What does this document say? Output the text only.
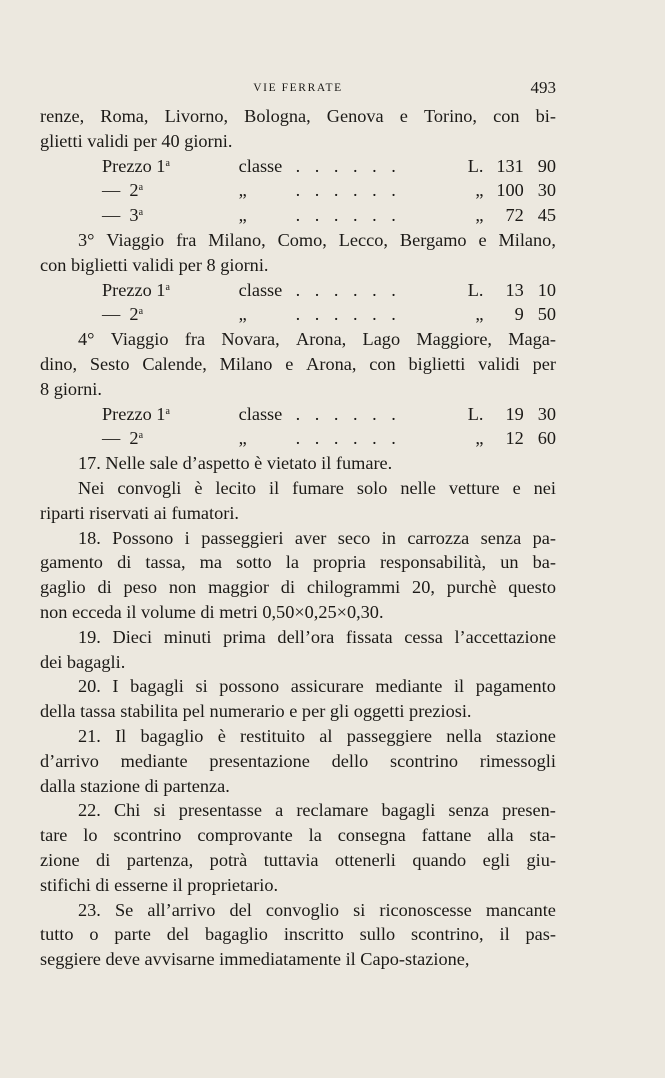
VIE FERRATE	493
renze, Roma, Livorno, Bologna, Genova e Torino, con bi-
glietti validi per 40 giorni.
Prezzo 1$^a$	classe . . . . . .	L. 131 90
—  2$^a$	„	. . . . . .	„ 100 30
—  3$^a$	„	. . . . . .	„	72 45
3° Viaggio fra Milano, Como, Lecco, Bergamo e Milano,
con biglietti validi per 8 giorni.
Prezzo 1$^a$	classe . . . . . .	L.	13 10
—  2$^a$	„	. . . . . .	„	9 50
4° Viaggio fra Novara, Arona, Lago Maggiore, Maga-
dino, Sesto Calende, Milano e Arona, con biglietti validi per
8 giorni.
Prezzo 1$^a$	classe . . . . . .	L.	19 30
—  2$^a$	„	. . . . . .	„	12 60
17. Nelle sale d’aspetto è vietato il fumare.
Nei convogli è lecito il fumare solo nelle vetture e nei
riparti riservati ai fumatori.
18. Possono i passeggieri aver seco in carrozza senza pa-
gamento di tassa, ma sotto la propria responsabilità, un ba-
gaglio di peso non maggior di chilogrammi 20, purchè questo
non ecceda il volume di metri 0,50×0,25×0,30.
19. Dieci minuti prima dell’ora fissata cessa l’accettazione
dei bagagli.
20. I bagagli si possono assicurare mediante il pagamento
della tassa stabilita pel numerario e per gli oggetti preziosi.
21. Il bagaglio è restituito al passeggiere nella stazione
d’arrivo mediante presentazione dello scontrino rimessogli
dalla stazione di partenza.
22. Chi si presentasse a reclamare bagagli senza presen-
tare lo scontrino comprovante la consegna fattane alla sta-
zione di partenza, potrà tuttavia ottenerli quando egli giu-
stifichi di esserne il proprietario.
23. Se all’arrivo del convoglio si riconoscesse mancante
tutto o parte del bagaglio inscritto sullo scontrino, il pas-
seggiere deve avvisarne immediatamente il Capo-stazione,
